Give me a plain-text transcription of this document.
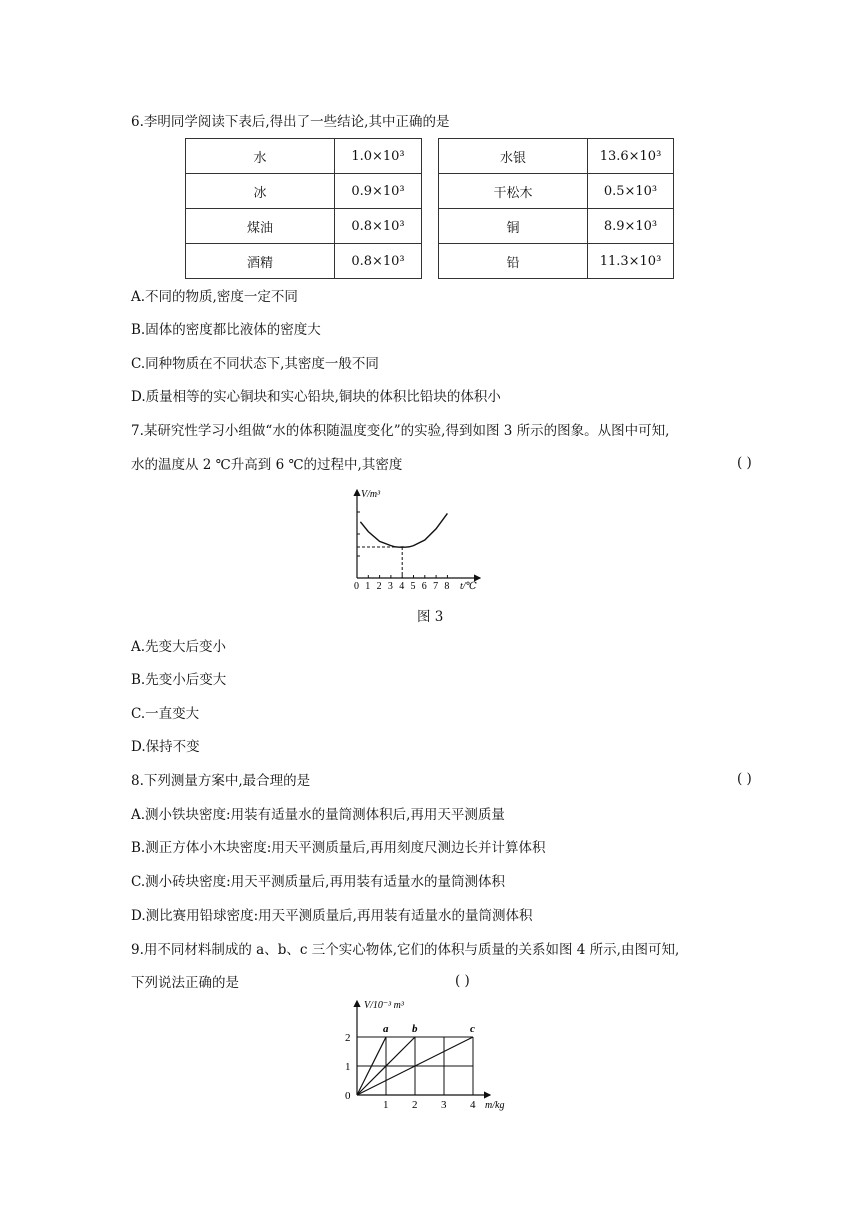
6.李明同学阅读下表后,得出了一些结论,其中正确的是
水	1.0×10³
冰	0.9×10³
煤油	0.8×10³
酒精	0.8×10³
水银	13.6×10³
干松木	0.5×10³
铜	8.9×10³
铅	11.3×10³
A.不同的物质,密度一定不同
B.固体的密度都比液体的密度大
C.同种物质在不同状态下,其密度一般不同
D.质量相等的实心铜块和实心铅块,铜块的体积比铅块的体积小
7.某研究性学习小组做“水的体积随温度变化”的实验,得到如图 3 所示的图象。从图中可知,
水的温度从 2 ℃升高到 6 ℃的过程中,其密度	( )
0 1 2 3 4 5 6 7 8
V/m³
t/℃
图 3
A.先变大后变小
B.先变小后变大
C.一直变大
D.保持不变
8.下列测量方案中,最合理的是	( )
A.测小铁块密度:用装有适量水的量筒测体积后,再用天平测质量
B.测正方体小木块密度:用天平测质量后,再用刻度尺测边长并计算体积
C.测小砖块密度:用天平测质量后,再用装有适量水的量筒测体积
D.测比赛用铅球密度:用天平测质量后,再用装有适量水的量筒测体积
9.用不同材料制成的 a、b、c 三个实心物体,它们的体积与质量的关系如图 4 所示,由图可知,
下列说法正确的是	( )
1 2 3 4
0
1
2
a b	c
V/10⁻³ m³
m/kg
